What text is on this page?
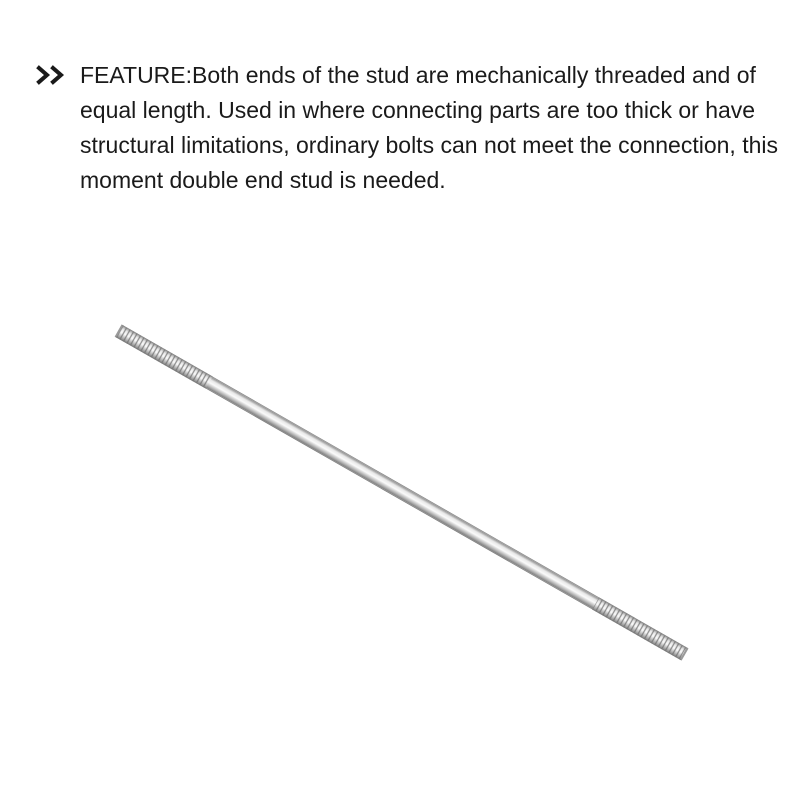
FEATURE:Both ends of the stud are mechanically threaded and of equal length. Used in where connecting parts are too thick or have structural limitations, ordinary bolts can not meet the connection, this moment double end stud is needed.
